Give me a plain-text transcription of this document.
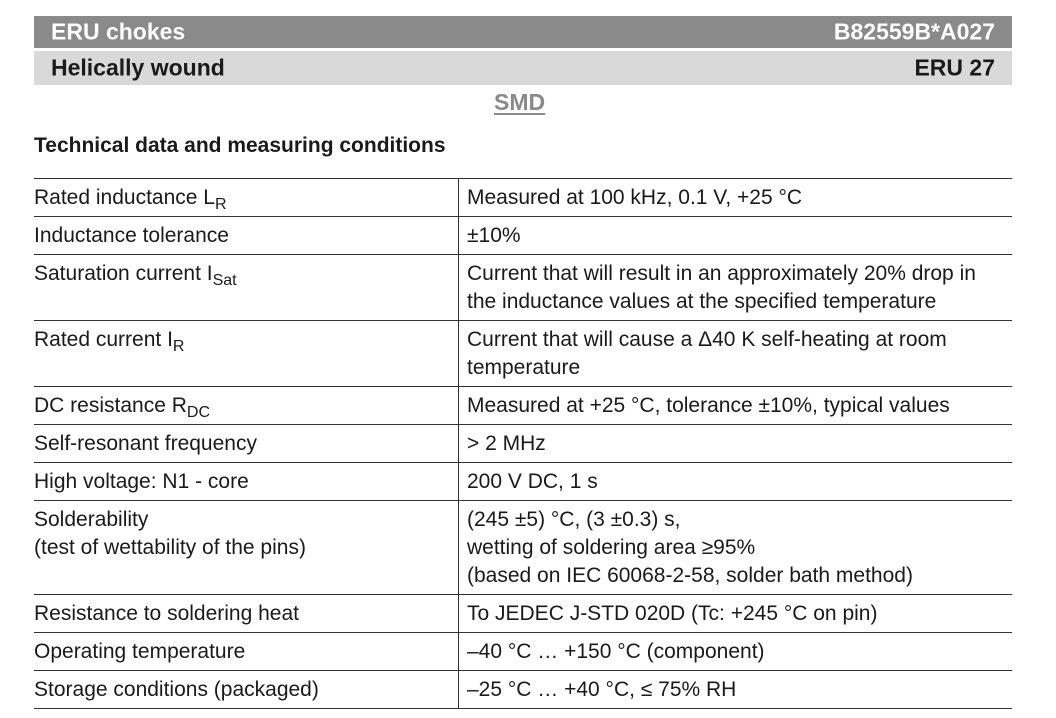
ERU chokes	B82559B*A027
Helically wound	ERU 27
SMD
Technical data and measuring conditions
Rated inductance $L_R$	Measured at 100 kHz, 0.1 V, +25 °C

Inductance tolerance	±10%

Saturation current $I_{Sat}$	Current that will result in an approximately 20% drop in
the inductance values at the specified temperature

Rated current $I_R$	Current that will cause a Δ40 K self-heating at room
temperature

DC resistance $R_{DC}$	Measured at +25 °C, tolerance ±10%, typical values

Self-resonant frequency	> 2 MHz

High voltage: N1 - core	200 V DC, 1 s

Solderability
(test of wettability of the pins)	(245 ±5) °C, (3 ±0.3) s,
wetting of soldering area ≥95%
(based on IEC 60068-2-58, solder bath method)

Resistance to soldering heat	To JEDEC J-STD 020D (Tc: +245 °C on pin)

Operating temperature	–40 °C … +150 °C (component)

Storage conditions (packaged)	–25 °C … +40 °C, ≤ 75% RH
